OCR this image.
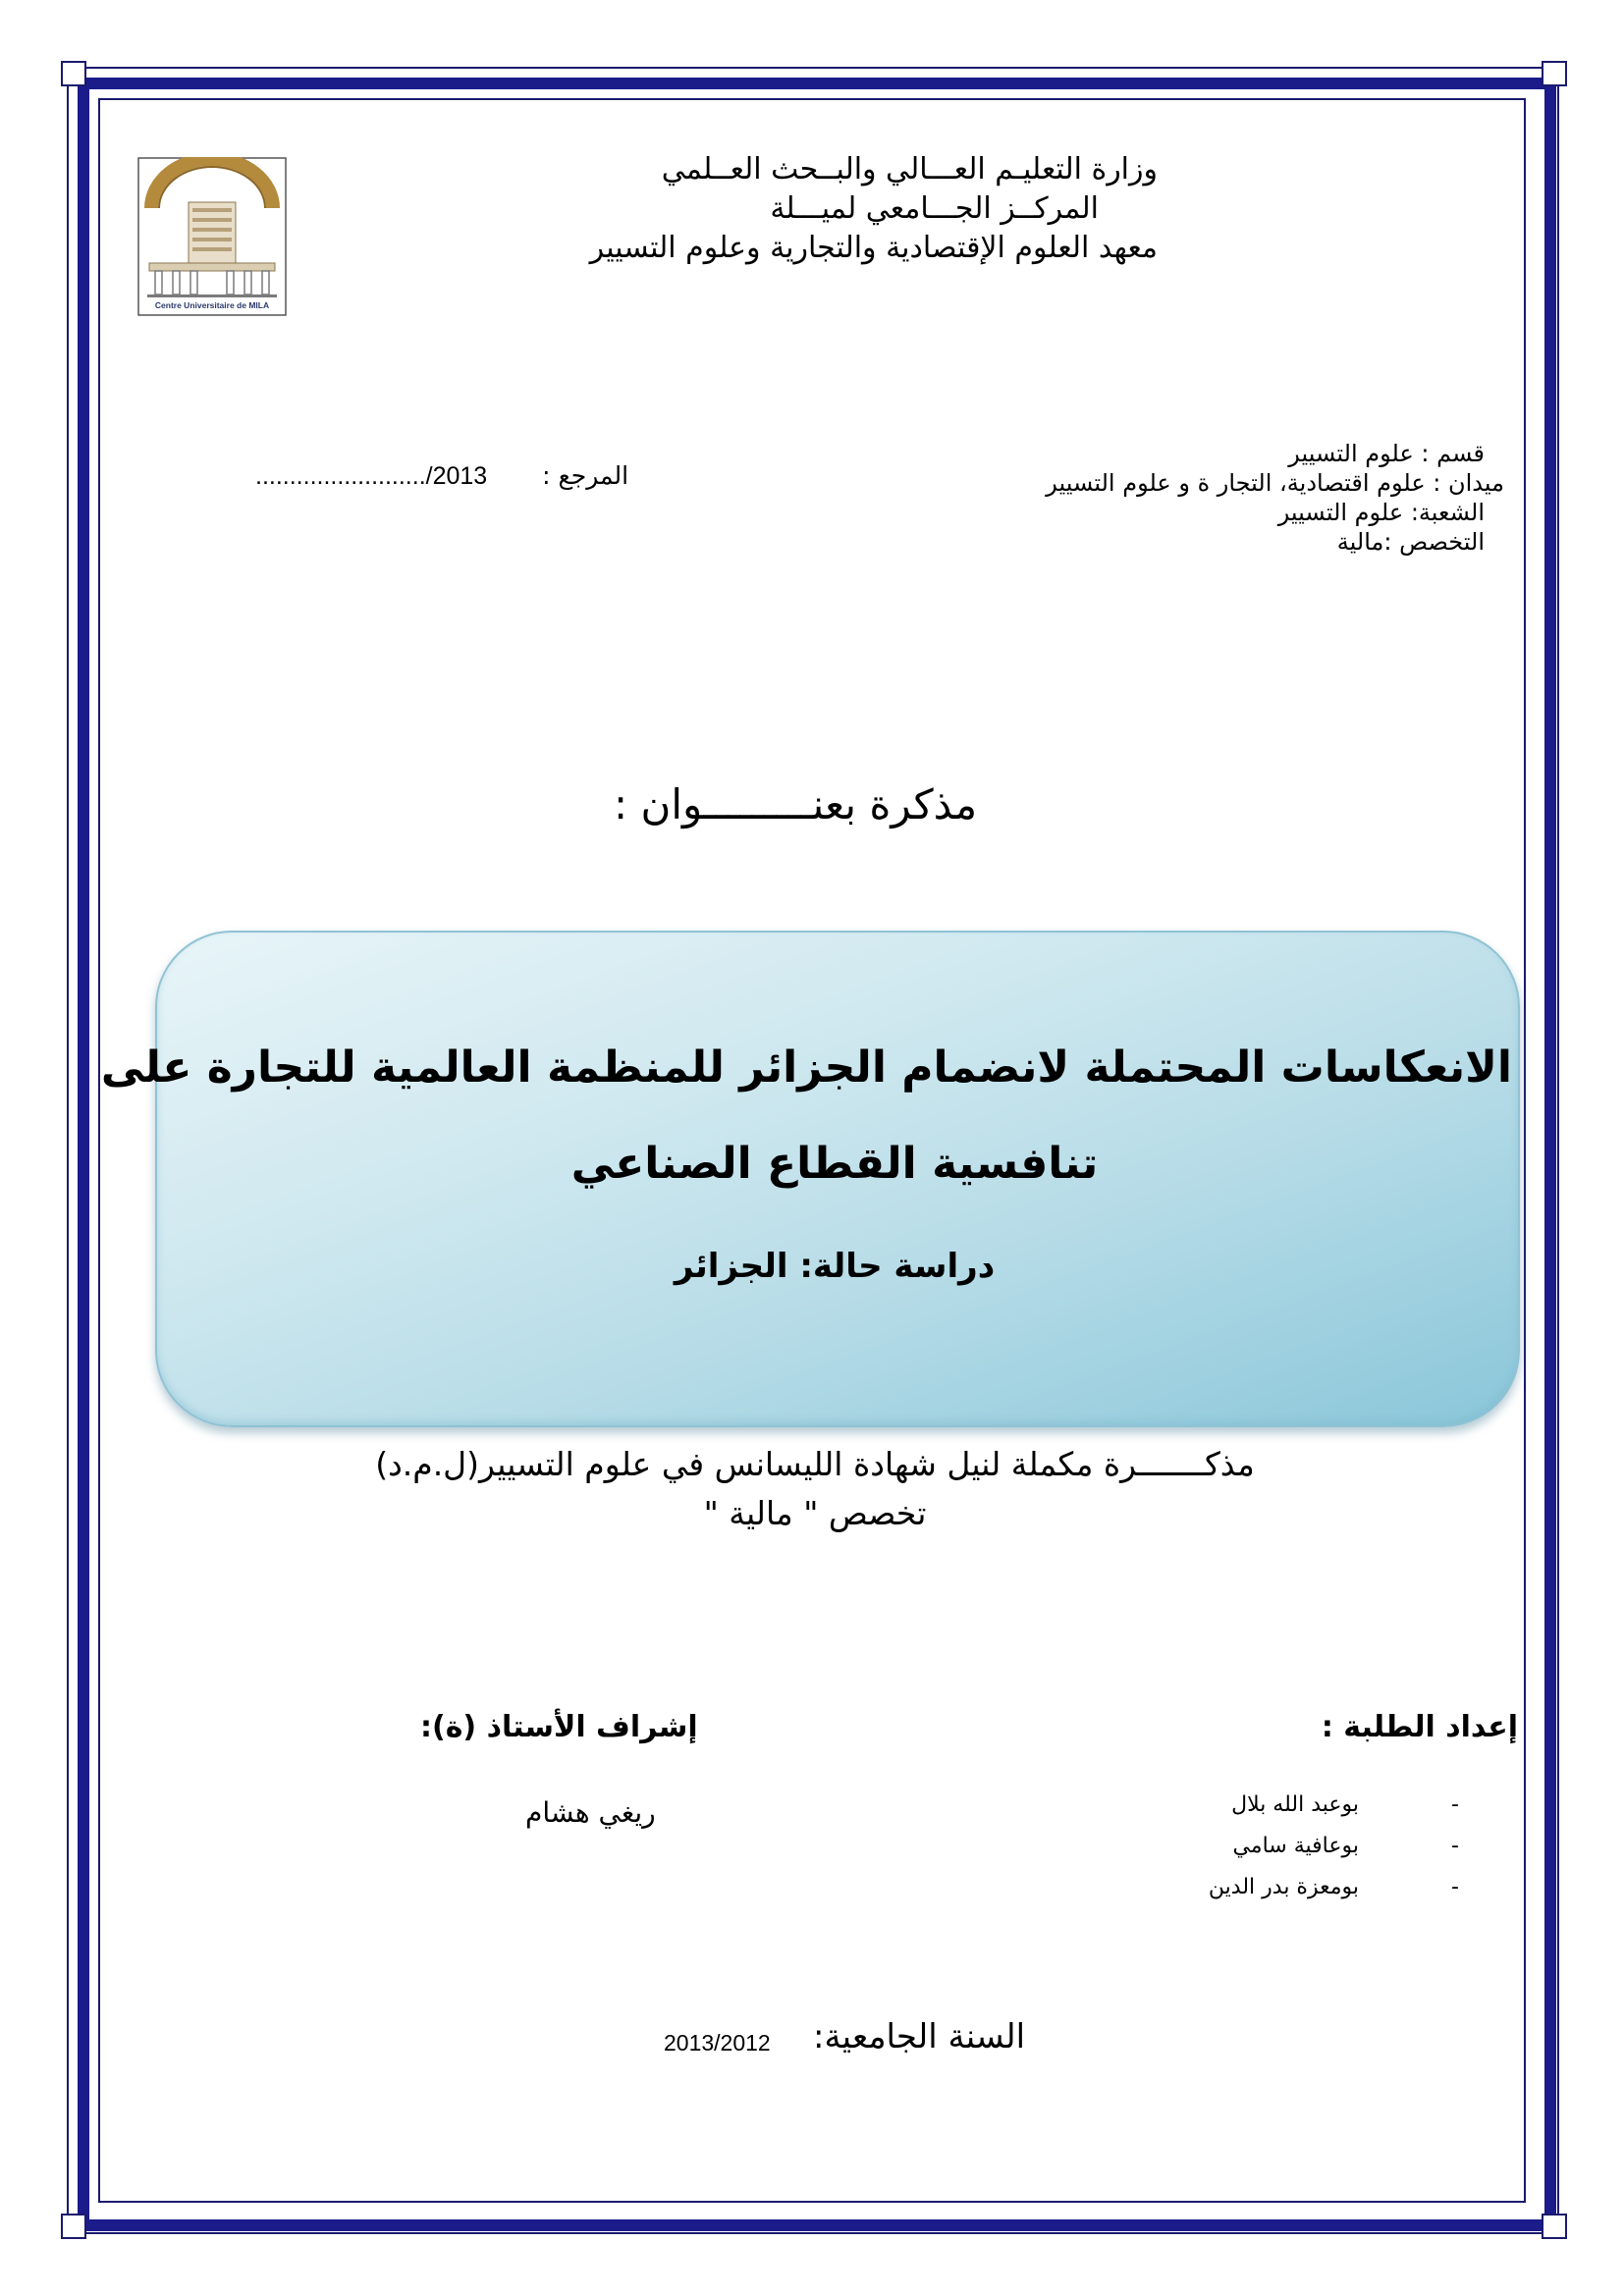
Centre Universitaire de MILA
وزارة التعليـم العـــالي والبــحث العــلمي
المركــز الجـــامعي لميـــلة
معهد العلوم الإقتصادية والتجارية وعلوم التسيير
قسم : علوم التسيير
ميدان : علوم اقتصادية، التجار ة و علوم التسيير
الشعبة: علوم التسيير
التخصص :مالية
........................./2013 المرجع :
مذكرة بعنـــــــــوان :
الانعكاسات المحتملة لانضمام الجزائر للمنظمة العالمية للتجارة على
تنافسية القطاع الصناعي
دراسة حالة: الجزائر
مذكـــــــرة مكملة لنيل شهادة الليسانس في علوم التسيير(ل.م.د)
تخصص " مالية "
إعداد الطلبة :
بوعبد الله بلال
بوعافية سامي
بومعزة بدر الدين
-
-
-
إشراف الأستاذ (ة):
ريغي هشام
السنة الجامعية:
2013/2012
